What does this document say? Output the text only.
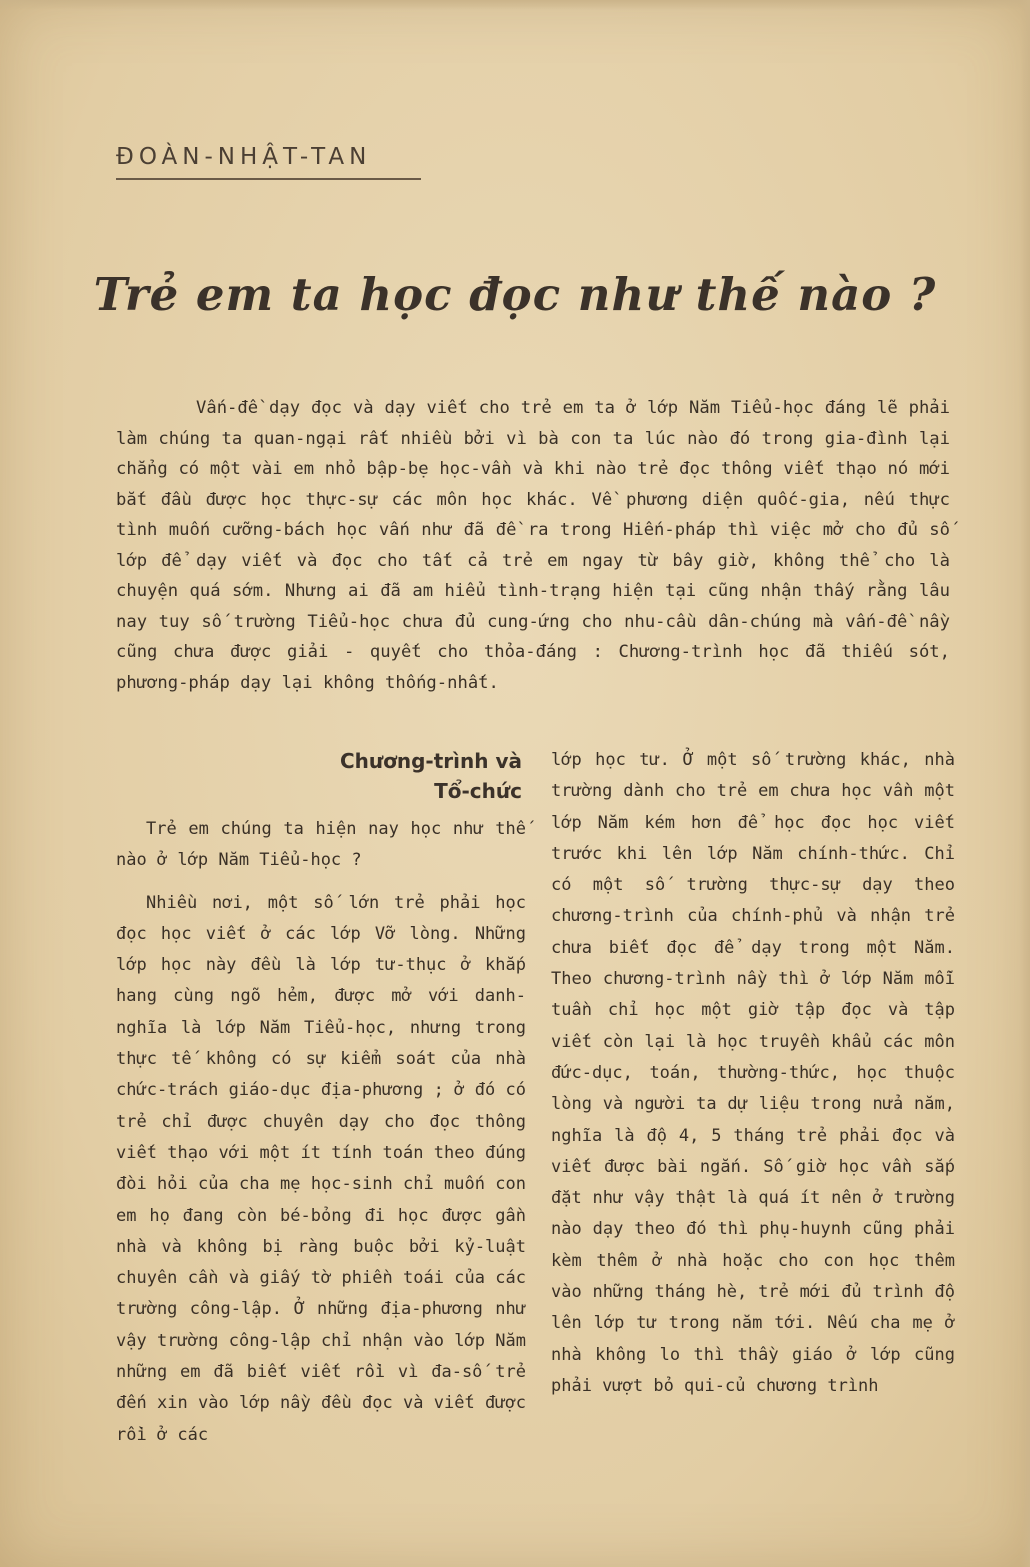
ĐOÀN-NHẬT-TAN
Trẻ em ta học đọc như thế nào ?

Vấn-đề dạy đọc và dạy viết cho trẻ em ta ở lớp Năm Tiểu-học đáng lẽ phải làm chúng ta quan-ngại rất nhiều bởi vì bà con ta lúc nào đó trong gia-đình lại chẳng có một vài em nhỏ bập-bẹ học-vần và khi nào trẻ đọc thông viết thạo nó mới bắt đầu được học thực-sự các môn học khác. Về phương diện quốc-gia, nếu thực tình muốn cưỡng-bách học vấn như đã đề ra trong Hiến-pháp thì việc mở cho đủ số lớp để dạy viết và đọc cho tất cả trẻ em ngay từ bây giờ, không thể cho là chuyện quá sớm. Nhưng ai đã am hiểu tình-trạng hiện tại cũng nhận thấy rằng lâu nay tuy số trường Tiểu-học chưa đủ cung-ứng cho nhu-cầu dân-chúng mà vấn-đề nầy cũng chưa được giải - quyết cho thỏa-đáng : Chương-trình học đã thiếu sót, phương-pháp dạy lại không thống-nhất.

Chương-trình và
Tổ-chức

Trẻ em chúng ta hiện nay học như thế nào ở lớp Năm Tiểu-học ?

Nhiều nơi, một số lớn trẻ phải học đọc học viết ở các lớp Vỡ lòng. Những lớp học này đều là lớp tư-thục ở khắp hang cùng ngõ hẻm, được mở với danh-nghĩa là lớp Năm Tiểu-học, nhưng trong thực tế không có sự kiểm soát của nhà chức-trách giáo-dục địa-phương ; ở đó có trẻ chỉ được chuyên dạy cho đọc thông viết thạo với một ít tính toán theo đúng đòi hỏi của cha mẹ học-sinh chỉ muốn con em họ đang còn bé-bỏng đi học được gần nhà và không bị ràng buộc bởi kỷ-luật chuyên cần và giấy tờ phiền toái của các trường công-lập. Ở những địa-phương như vậy trường công-lập chỉ nhận vào lớp Năm những em đã biết viết rồi vì đa-số trẻ đến xin vào lớp nầy đều đọc và viết được rồi ở các

lớp học tư. Ở một số trường khác, nhà trường dành cho trẻ em chưa học vần một lớp Năm kém hơn để học đọc học viết trước khi lên lớp Năm chính-thức. Chỉ có một số trường thực-sự dạy theo chương-trình của chính-phủ và nhận trẻ chưa biết đọc để dạy trong một Năm. Theo chương-trình nầy thì ở lớp Năm mỗi tuần chỉ học một giờ tập đọc và tập viết còn lại là học truyền khẩu các môn đức-dục, toán, thường-thức, học thuộc lòng và người ta dự liệu trong nửa năm, nghĩa là độ 4, 5 tháng trẻ phải đọc và viết được bài ngắn. Số giờ học vần sắp đặt như vậy thật là quá ít nên ở trường nào dạy theo đó thì phụ-huynh cũng phải kèm thêm ở nhà hoặc cho con học thêm vào những tháng hè, trẻ mới đủ trình độ lên lớp tư trong năm tới. Nếu cha mẹ ở nhà không lo thì thầy giáo ở lớp cũng phải vượt bỏ qui-củ chương trình
